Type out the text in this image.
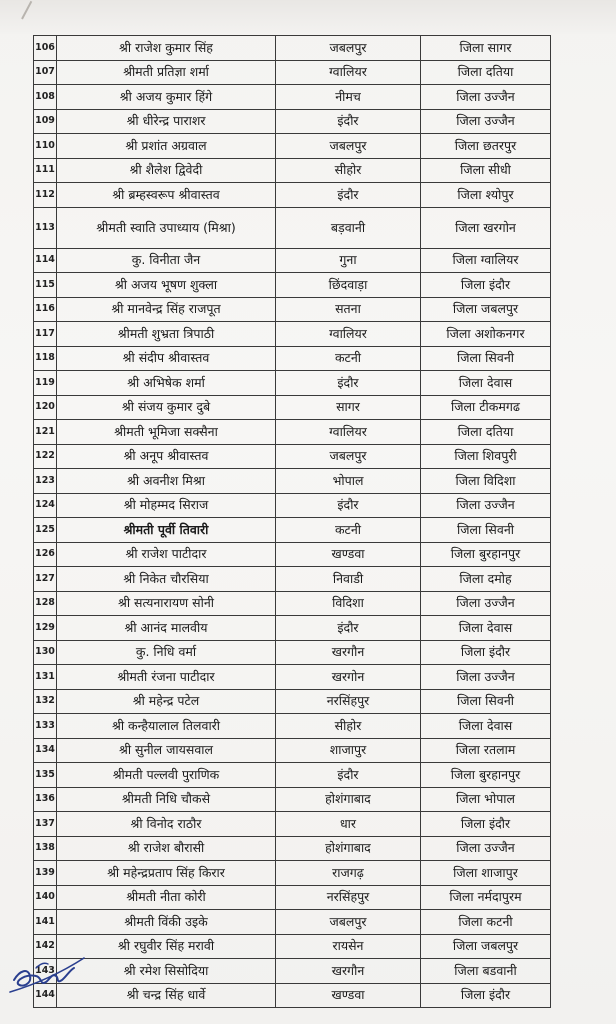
106	श्री राजेश कुमार सिंह	जबलपुर	जिला सागर
107	श्रीमती प्रतिज्ञा शर्मा	ग्वालियर	जिला दतिया
108	श्री अजय कुमार हिंगे	नीमच	जिला उज्जैन
109	श्री धीरेन्द्र पाराशर	इंदौर	जिला उज्जैन
110	श्री प्रशांत अग्रवाल	जबलपुर	जिला छतरपुर
111	श्री शैलेश द्विवेदी	सीहोर	जिला सीधी
112	श्री ब्रम्हस्वरूप श्रीवास्तव	इंदौर	जिला श्योपुर
113	श्रीमती स्वाति उपाध्याय (मिश्रा)	बड़वानी	जिला खरगोन
114	कु. विनीता जैन	गुना	जिला ग्वालियर
115	श्री अजय भूषण शुक्ला	छिंदवाड़ा	जिला इंदौर
116	श्री मानवेन्द्र सिंह राजपूत	सतना	जिला जबलपुर
117	श्रीमती शुभ्रता त्रिपाठी	ग्वालियर	जिला अशोकनगर
118	श्री संदीप श्रीवास्तव	कटनी	जिला सिवनी
119	श्री अभिषेक शर्मा	इंदौर	जिला देवास
120	श्री संजय कुमार दुबे	सागर	जिला टीकमगढ
121	श्रीमती भूमिजा सक्सैना	ग्वालियर	जिला दतिया
122	श्री अनूप श्रीवास्तव	जबलपुर	जिला शिवपुरी
123	श्री अवनीश मिश्रा	भोपाल	जिला विदिशा
124	श्री मोहम्मद सिराज	इंदौर	जिला उज्जैन
125	श्रीमती पूर्वी तिवारी	कटनी	जिला सिवनी
126	श्री राजेश पाटीदार	खण्डवा	जिला बुरहानपुर
127	श्री निकेत चौरसिया	निवाडी	जिला दमोह
128	श्री सत्यनारायण सोनी	विदिशा	जिला उज्जैन
129	श्री आनंद मालवीय	इंदौर	जिला देवास
130	कु. निधि वर्मा	खरगौन	जिला इंदौर
131	श्रीमती रंजना पाटीदार	खरगोन	जिला उज्जैन
132	श्री महेन्द्र पटेल	नरसिंहपुर	जिला सिवनी
133	श्री कन्हैयालाल तिलवारी	सीहोर	जिला देवास
134	श्री सुनील जायसवाल	शाजापुर	जिला रतलाम
135	श्रीमती पल्लवी पुराणिक	इंदौर	जिला बुरहानपुर
136	श्रीमती निधि चौकसे	होशंगाबाद	जिला भोपाल
137	श्री विनोद राठौर	धार	जिला इंदौर
138	श्री राजेश बौरासी	होशंगाबाद	जिला उज्जैन
139	श्री महेन्द्रप्रताप सिंह किरार	राजगढ़	जिला शाजापुर
140	श्रीमती नीता कोरी	नरसिंहपुर	जिला नर्मदापुरम
141	श्रीमती विंकी उइके	जबलपुर	जिला कटनी
142	श्री रघुवीर सिंह मरावी	रायसेन	जिला जबलपुर
143	श्री रमेश सिसोदिया	खरगौन	जिला बडवानी
144	श्री चन्द्र सिंह धार्वे	खण्डवा	जिला इंदौर
